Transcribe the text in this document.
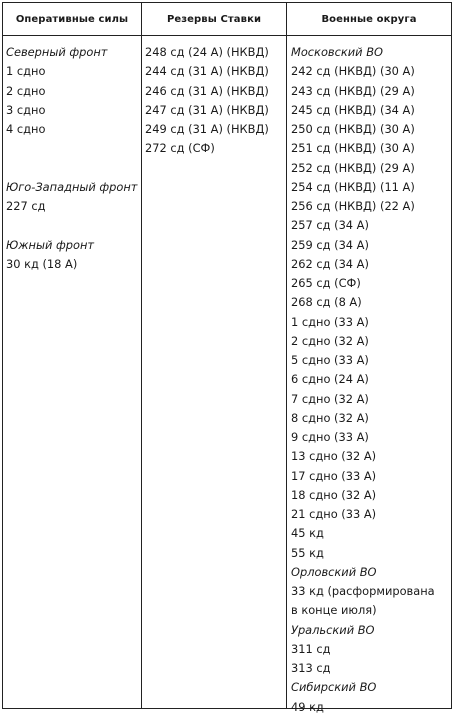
Оперативные силы	Резервы Ставки	Военные округа
Северный фронт
1 сдно
2 сдно
3 сдно
4 сдно
Юго-Западный фронт
227 сд
Южный фронт
30 кд (18 А)
248 сд (24 А) (НКВД)
244 сд (31 А) (НКВД)
246 сд (31 А) (НКВД)
247 сд (31 А) (НКВД)
249 сд (31 А) (НКВД)
272 сд (СФ)
Московский ВО
242 сд (НКВД) (30 А)
243 сд (НКВД) (29 А)
245 сд (НКВД) (34 А)
250 сд (НКВД) (30 А)
251 сд (НКВД) (30 А)
252 сд (НКВД) (29 А)
254 сд (НКВД) (11 А)
256 сд (НКВД) (22 А)
257 сд (34 А)
259 сд (34 А)
262 сд (34 А)
265 сд (СФ)
268 сд (8 А)
1 сдно (33 А)
2 сдно (32 А)
5 сдно (33 А)
6 сдно (24 А)
7 сдно (32 А)
8 сдно (32 А)
9 сдно (33 А)
13 сдно (32 А)
17 сдно (33 А)
18 сдно (32 А)
21 сдно (33 А)
45 кд
55 кд
Орловский ВО
33 кд (расформирована
в конце июля)
Уральский ВО
311 сд
313 сд
Сибирский ВО
49 кд
